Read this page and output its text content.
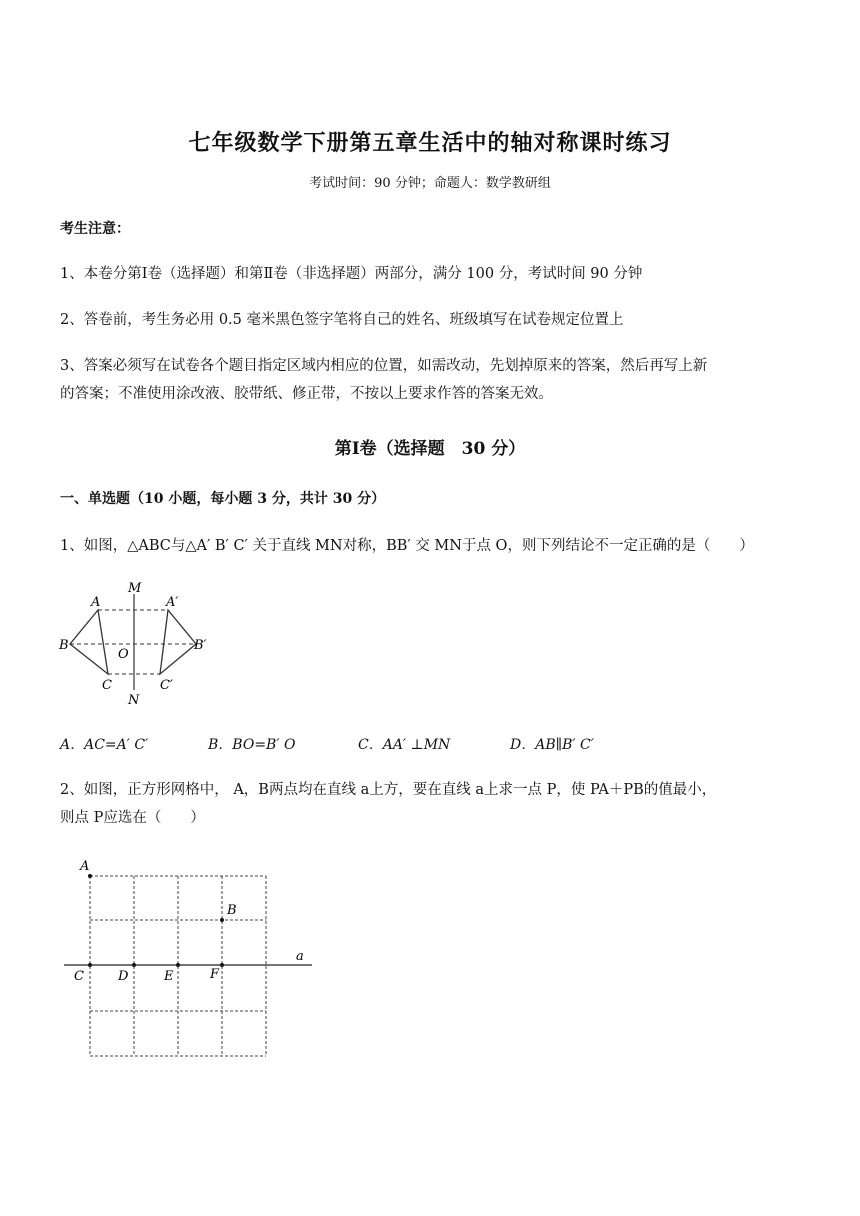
七年级数学下册第五章生活中的轴对称课时练习
考试时间：90 分钟；命题人：数学教研组
考生注意：
1、本卷分第Ⅰ卷（选择题）和第Ⅱ卷（非选择题）两部分，满分 100 分，考试时间 90 分钟
2、答卷前，考生务必用 0.5 毫米黑色签字笔将自己的姓名、班级填写在试卷规定位置上
3、答案必须写在试卷各个题目指定区域内相应的位置，如需改动，先划掉原来的答案，然后再写上新
的答案；不准使用涂改液、胶带纸、修正带，不按以上要求作答的答案无效。
第Ⅰ卷（选择题　30 分）
一、单选题（10 小题，每小题 3 分，共计 30 分）
1、如图，△ABC与△A′ B′ C′ 关于直线 MN对称，BB′ 交 MN于点 O，则下列结论不一定正确的是（　　）
M
N
A	A′
B	B′
C	C′
O
A．AC=A′ C′	B．BO=B′ O	C．AA′ ⊥MN	D．AB∥B′ C′
2、如图，正方形网格中， A，B两点均在直线 a上方，要在直线 a上求一点 P，使 PA＋PB的值最小，
则点 P应选在（　　）
A
B
C	D	E	F
a
